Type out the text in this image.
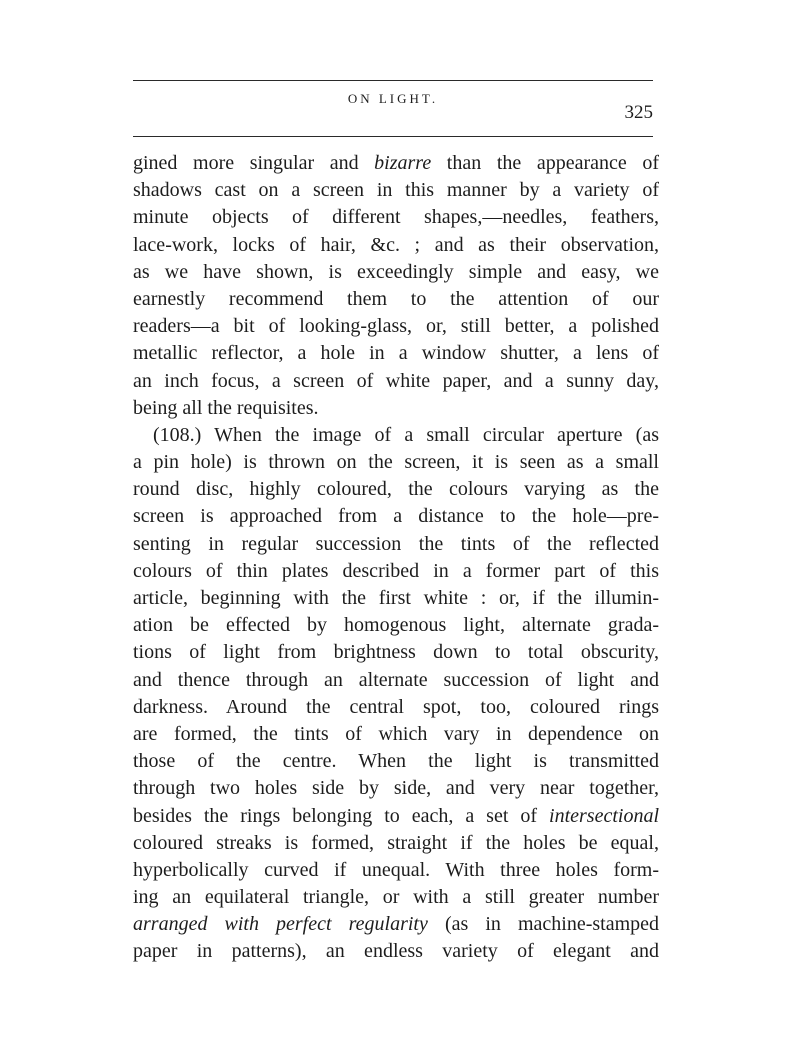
ON LIGHT.
325
gined more singular and bizarre than the appearance of
shadows cast on a screen in this manner by a variety of
minute objects of different shapes,—needles, feathers,
lace-work, locks of hair, &c. ; and as their observation,
as we have shown, is exceedingly simple and easy, we
earnestly recommend them to the attention of our
readers—a bit of looking-glass, or, still better, a polished
metallic reflector, a hole in a window shutter, a lens of
an inch focus, a screen of white paper, and a sunny day,
being all the requisites.
(108.) When the image of a small circular aperture (as
a pin hole) is thrown on the screen, it is seen as a small
round disc, highly coloured, the colours varying as the
screen is approached from a distance to the hole—pre-
senting in regular succession the tints of the reflected
colours of thin plates described in a former part of this
article, beginning with the first white : or, if the illumin-
ation be effected by homogenous light, alternate grada-
tions of light from brightness down to total obscurity,
and thence through an alternate succession of light and
darkness. Around the central spot, too, coloured rings
are formed, the tints of which vary in dependence on
those of the centre. When the light is transmitted
through two holes side by side, and very near together,
besides the rings belonging to each, a set of intersectional
coloured streaks is formed, straight if the holes be equal,
hyperbolically curved if unequal. With three holes form-
ing an equilateral triangle, or with a still greater number
arranged with perfect regularity (as in machine-stamped
paper in patterns), an endless variety of elegant and
